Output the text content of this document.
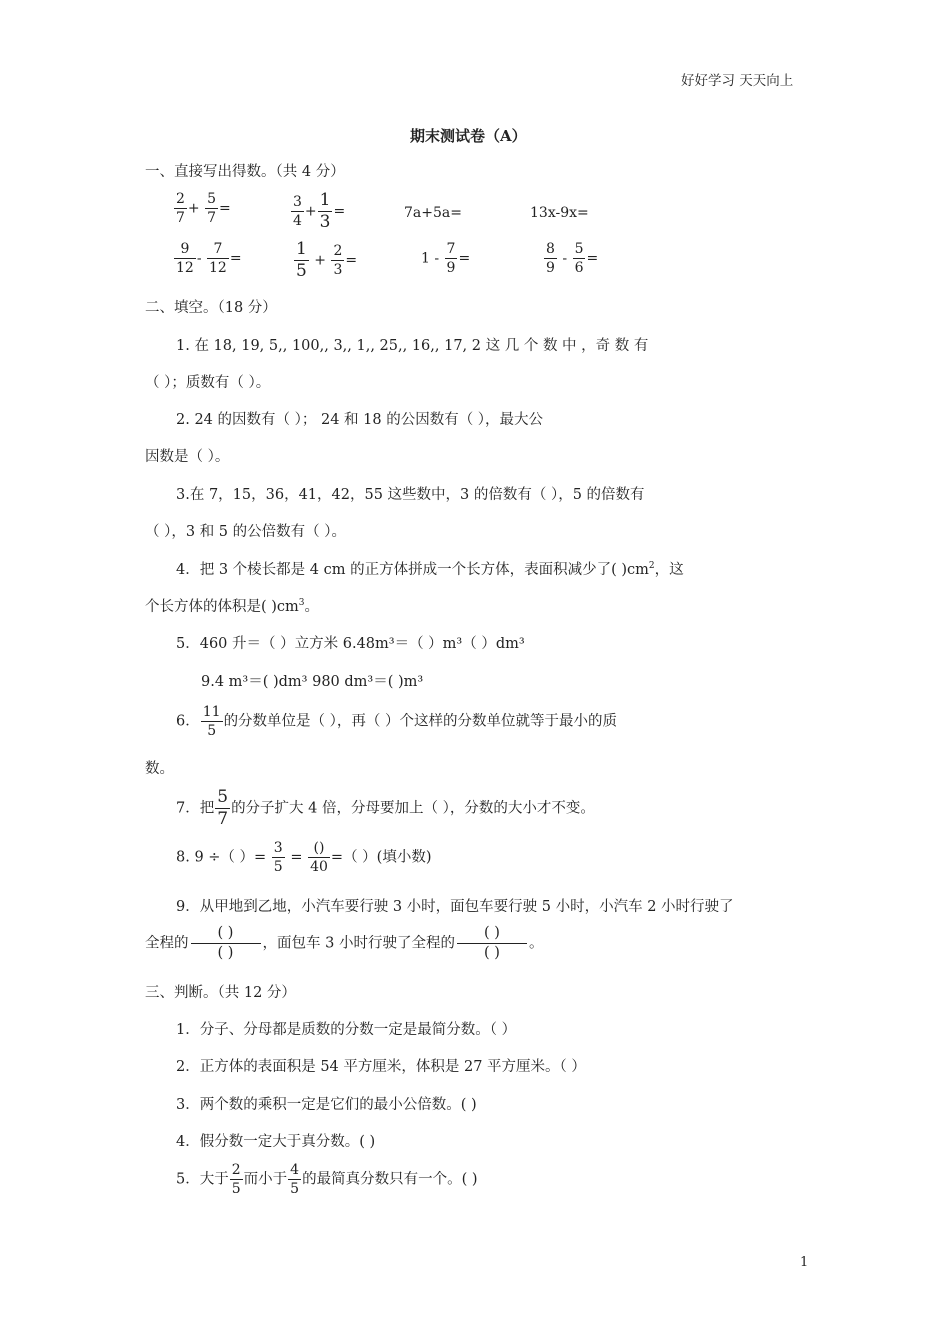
好好学习 天天向上
期末测试卷（A）
一、直接写出得数。（共 4 分）
$\frac{2}{7} + \frac{5}{7}$ =	$\frac{3}{4} + \frac{1}{3}$ =	7a+5a=	13x-9x=
$\frac{9}{12} - \frac{7}{12}$ =	$\frac{1}{5} + \frac{2}{3}$ =	$1 - \frac{7}{9}$ =	$\frac{8}{9} - \frac{5}{6}$ =
二、填空。（18 分）
1. 在 18, 19, 5,, 100,, 3,, 1,, 25,, 16,, 17, 2 这 几 个 数 中 ，奇 数 有
（ ）；质数有（ ）。
2. 24 的因数有（ ）； 24 和 18 的公因数有（ ），最大公
因数是（ ）。
3.在 7，15，36，41，42，55 这些数中，3 的倍数有（ ），5 的倍数有
（ ），3 和 5 的公倍数有（ ）。
4．把 3 个棱长都是 4 cm 的正方体拼成一个长方体，表面积减少了( )$cm^2$，这
个长方体的体积是( )$cm^3$。
5．460 升＝（ ）立方米 6.48m³＝（ ）m³（ ）dm³
9.4 m³＝( )dm³ 980 dm³＝( )m³
6． $\frac{11}{5}$ 的分数单位是（ ），再（ ）个这样的分数单位就等于最小的质
数。
7．把 $\frac{5}{7}$ 的分子扩大 4 倍，分母要加上（ ），分数的大小才不变。
8. 9 ÷（ ）= $\frac{3}{5} = \frac{()}{40}$ =（ ）(填小数)
9．从甲地到乙地，小汽车要行驶 3 小时，面包车要行驶 5 小时，小汽车 2 小时行驶了
全程的 $\frac{( )}{( )}$ ，面包车 3 小时行驶了全程的 $\frac{( )}{( )}$ 。
三、判断。（共 12 分）
1．分子、分母都是质数的分数一定是最简分数。（ ）
2．正方体的表面积是 54 平方厘米，体积是 27 平方厘米。（ ）
3．两个数的乘积一定是它们的最小公倍数。( )
4．假分数一定大于真分数。( )
5．大于 $\frac{2}{5}$ 而小于 $\frac{4}{5}$ 的最简真分数只有一个。( )
1
